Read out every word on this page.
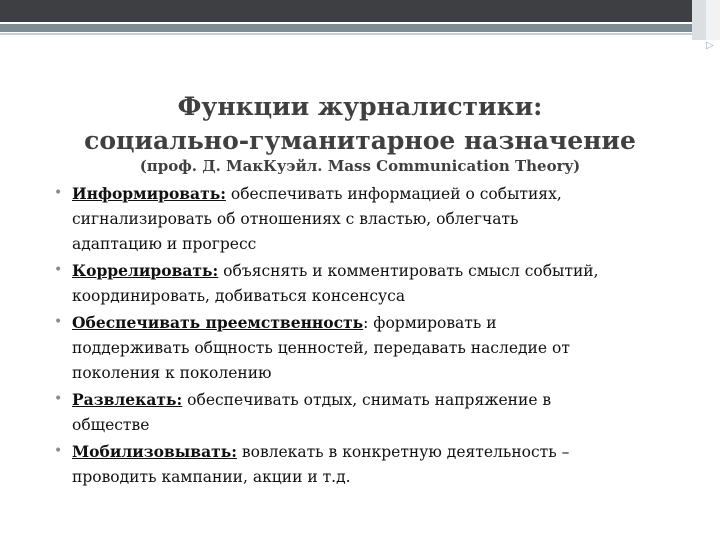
▷
Функции журналистики:
социально-гуманитарное назначение
(проф. Д. МакКуэйл. Mass Communication Theory)
• Информировать: обеспечивать информацией о событиях,
сигнализировать об отношениях с властью, облегчать
адаптацию и прогресс
• Коррелировать: объяснять и комментировать смысл событий,
координировать, добиваться консенсуса
• Обеспечивать преемственность: формировать и
поддерживать общность ценностей, передавать наследие от
поколения к поколению
• Развлекать: обеспечивать отдых, снимать напряжение в
обществе
• Мобилизовывать: вовлекать в конкретную деятельность –
проводить кампании, акции и т.д.
